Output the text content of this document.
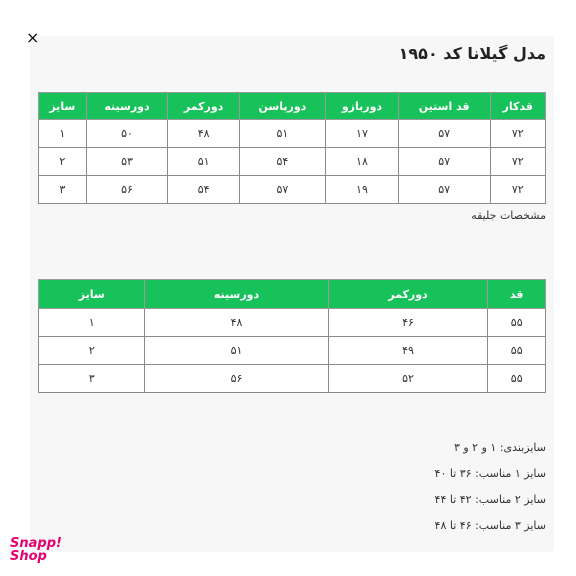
×
مدل گیلانا کد ۱۹۵۰
قدکار	قد استین	دوربازو	دورپاسن	دورکمر	دورسینه	سایز
۷۲	۵۷	۱۷	۵۱	۴۸	۵۰	۱
۷۲	۵۷	۱۸	۵۴	۵۱	۵۳	۲
۷۲	۵۷	۱۹	۵۷	۵۴	۵۶	۳
مشخصات جلیقه
قد	دورکمر	دورسینه	سایز
۵۵	۴۶	۴۸	۱
۵۵	۴۹	۵۱	۲
۵۵	۵۲	۵۶	۳
سایزبندی: ۱ و ۲ و ۳
سایز ۱ مناسب: ۳۶ تا ۴۰
سایز ۲ مناسب: ۴۲ تا ۴۴
سایز ۳ مناسب: ۴۶ تا ۴۸
Snapp!
Shop
